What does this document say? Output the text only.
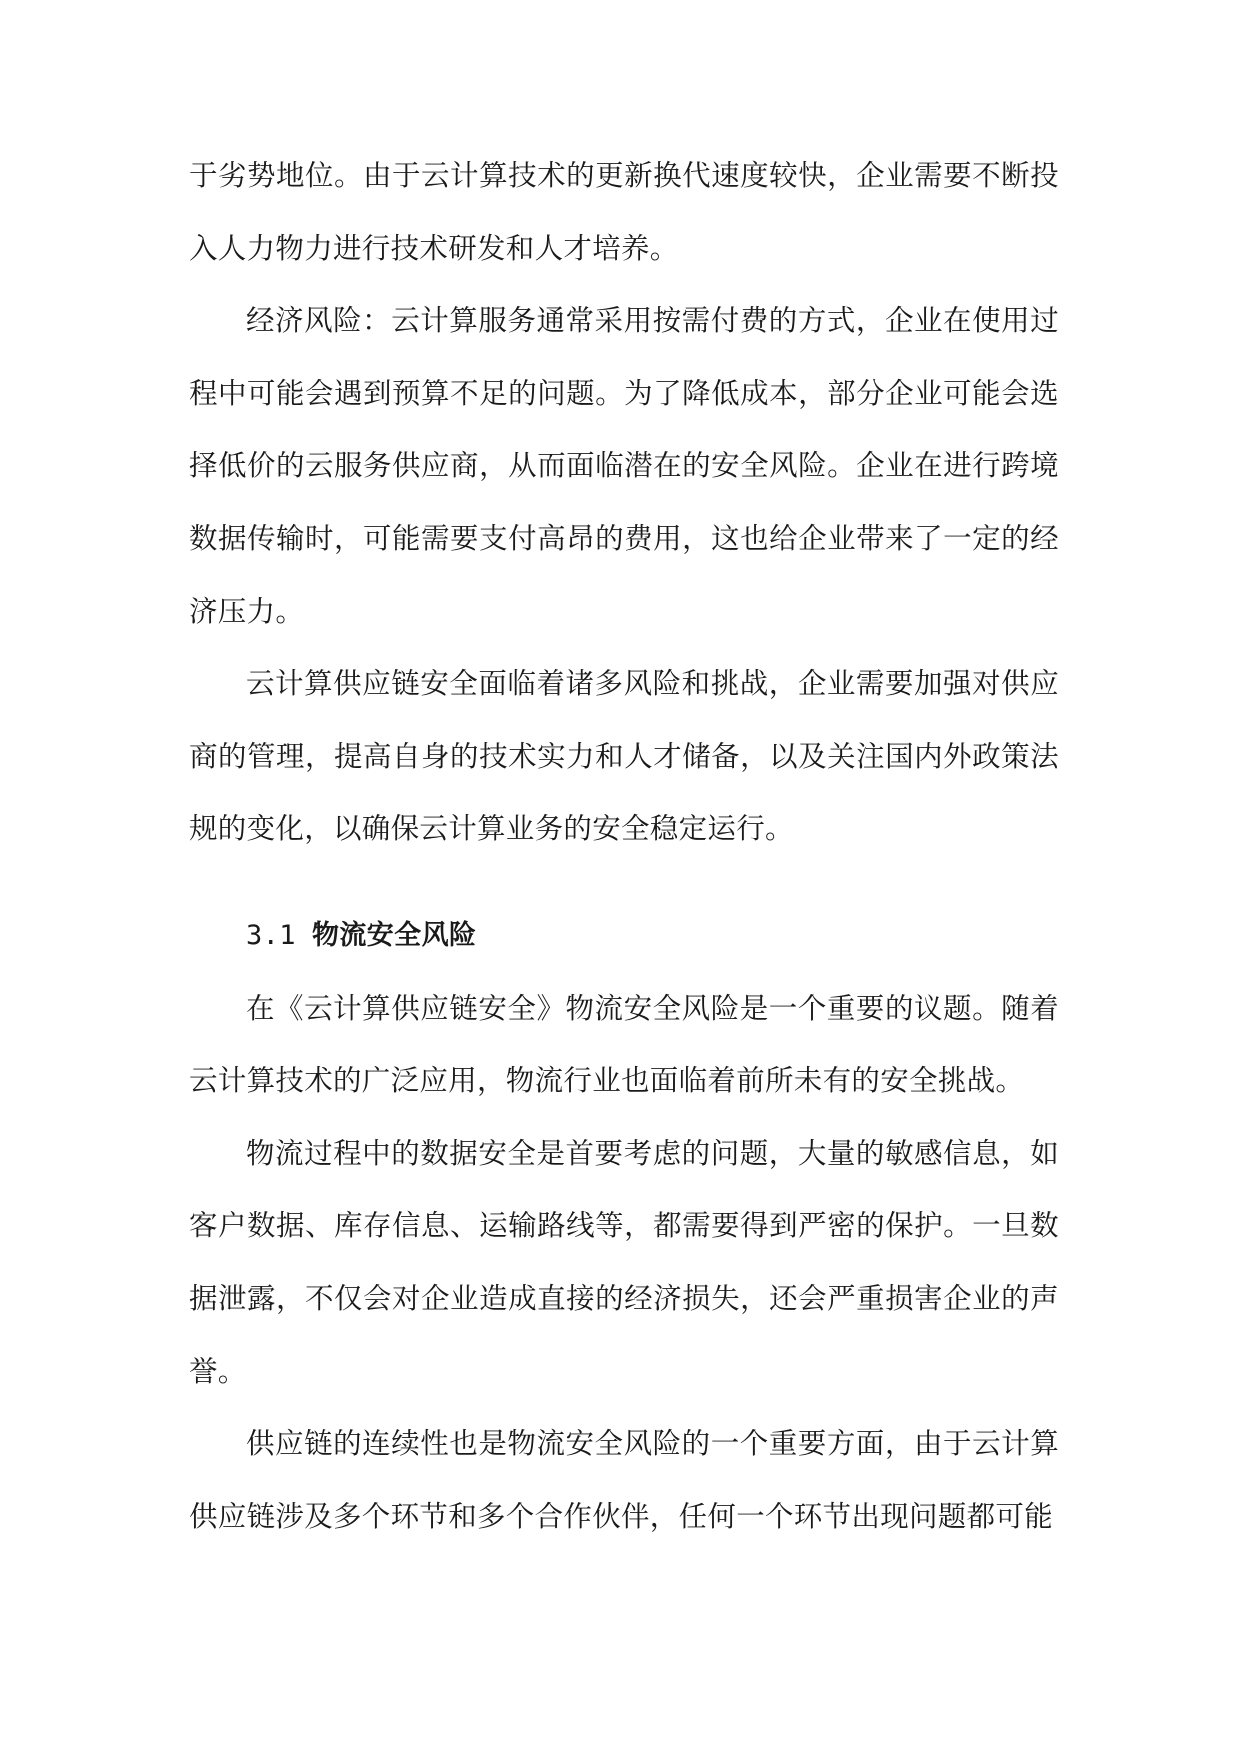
于劣势地位。由于云计算技术的更新换代速度较快，企业需要不断投入人力物力进行技术研发和人才培养。

经济风险：云计算服务通常采用按需付费的方式，企业在使用过程中可能会遇到预算不足的问题。为了降低成本，部分企业可能会选择低价的云服务供应商，从而面临潜在的安全风险。企业在进行跨境数据传输时，可能需要支付高昂的费用，这也给企业带来了一定的经济压力。

云计算供应链安全面临着诸多风险和挑战，企业需要加强对供应商的管理，提高自身的技术实力和人才储备，以及关注国内外政策法规的变化，以确保云计算业务的安全稳定运行。

3.1 物流安全风险

在《云计算供应链安全》物流安全风险是一个重要的议题。随着云计算技术的广泛应用，物流行业也面临着前所未有的安全挑战。

物流过程中的数据安全是首要考虑的问题，大量的敏感信息，如客户数据、库存信息、运输路线等，都需要得到严密的保护。一旦数据泄露，不仅会对企业造成直接的经济损失，还会严重损害企业的声誉。

供应链的连续性也是物流安全风险的一个重要方面，由于云计算供应链涉及多个环节和多个合作伙伴，任何一个环节出现问题都可能
